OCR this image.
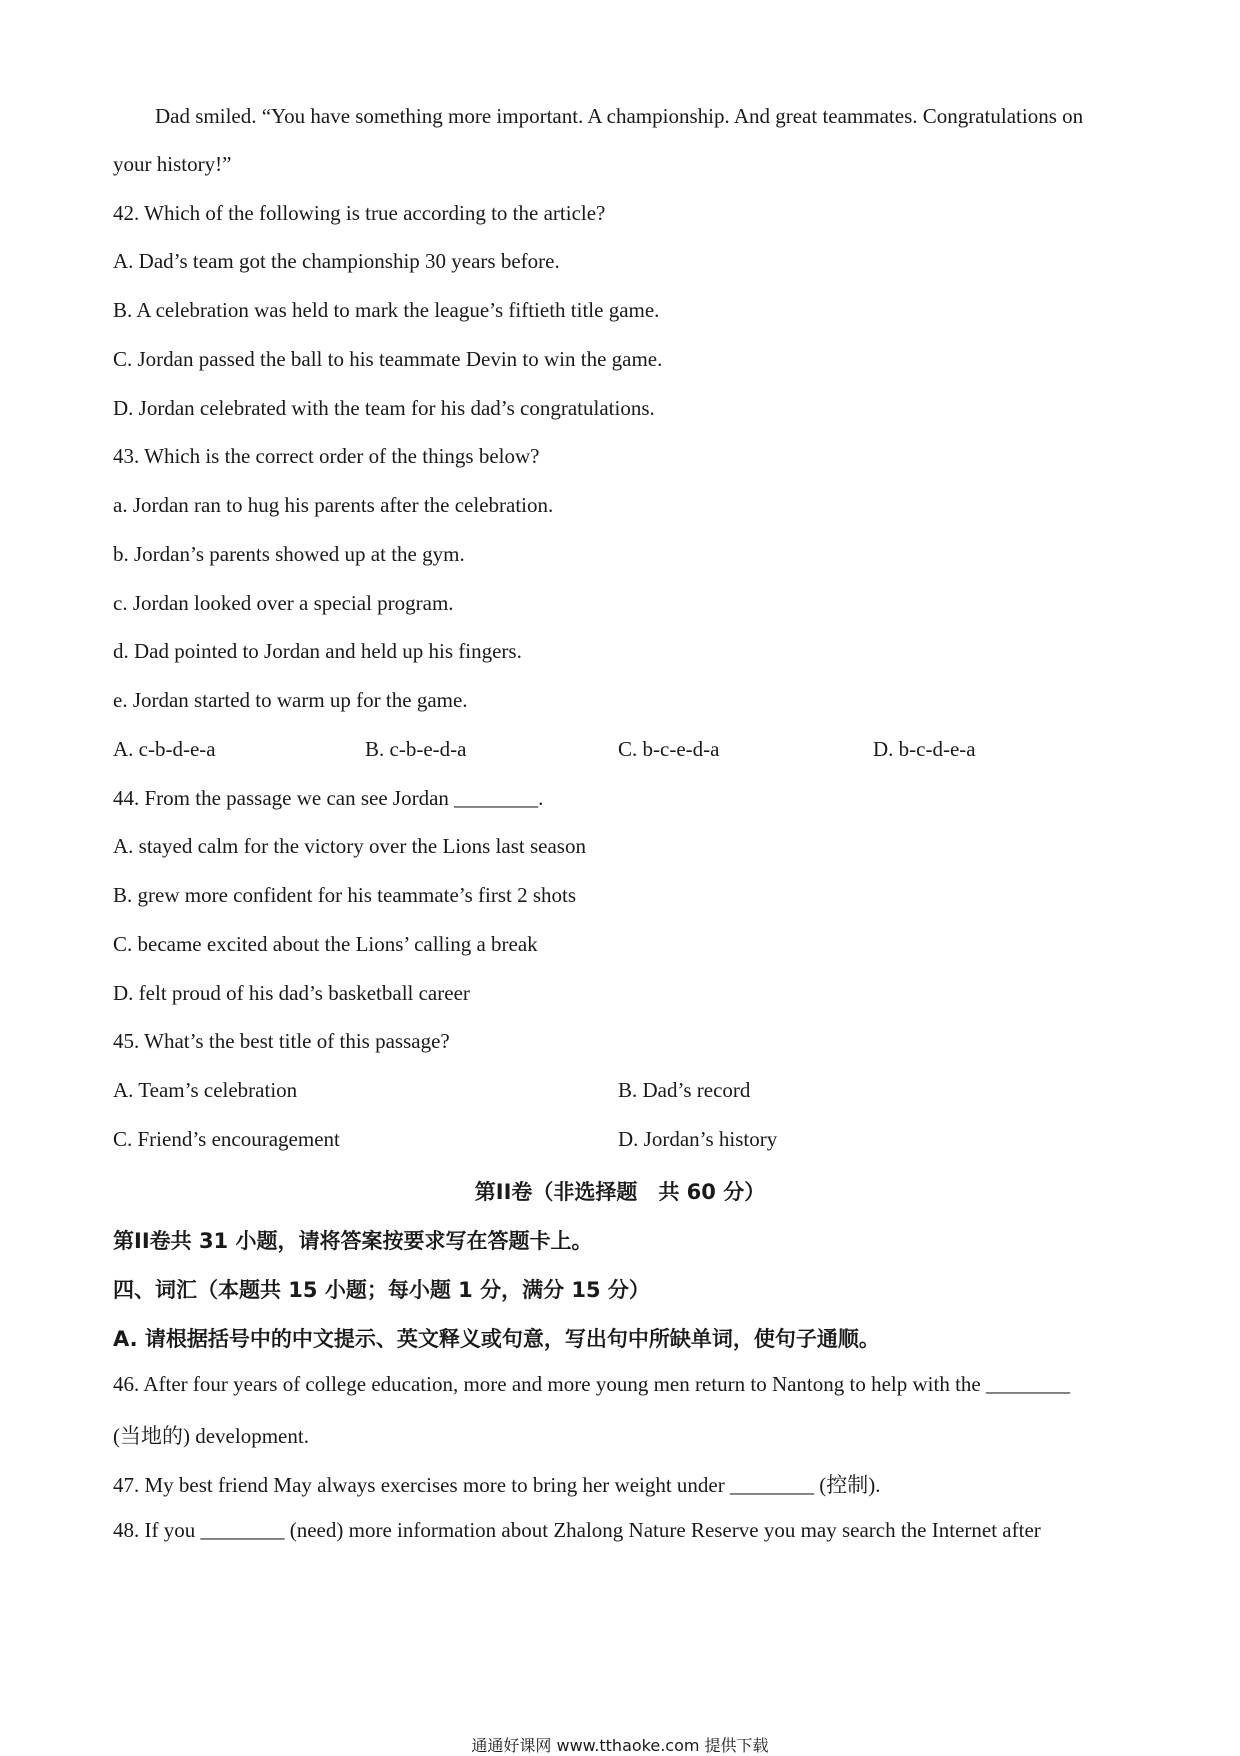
Dad smiled. “You have something more important. A championship. And great teammates. Congratulations on
your history!”
42. Which of the following is true according to the article?
A. Dad’s team got the championship 30 years before.
B. A celebration was held to mark the league’s fiftieth title game.
C. Jordan passed the ball to his teammate Devin to win the game.
D. Jordan celebrated with the team for his dad’s congratulations.
43. Which is the correct order of the things below?
a. Jordan ran to hug his parents after the celebration.
b. Jordan’s parents showed up at the gym.
c. Jordan looked over a special program.
d. Dad pointed to Jordan and held up his fingers.
e. Jordan started to warm up for the game.
A. c-b-d-e-a	B. c-b-e-d-a	C. b-c-e-d-a	D. b-c-d-e-a
44. From the passage we can see Jordan ________.
A. stayed calm for the victory over the Lions last season
B. grew more confident for his teammate’s first 2 shots
C. became excited about the Lions’ calling a break
D. felt proud of his dad’s basketball career
45. What’s the best title of this passage?
A. Team’s celebration	B. Dad’s record
C. Friend’s encouragement	D. Jordan’s history
第II卷（非选择题　共 60 分）
第II卷共 31 小题，请将答案按要求写在答题卡上。
四、词汇（本题共 15 小题；每小题 1 分，满分 15 分）
A. 请根据括号中的中文提示、英文释义或句意，写出句中所缺单词，使句子通顺。
46. After four years of college education, more and more young men return to Nantong to help with the ________
(当地的) development.
47. My best friend May always exercises more to bring her weight under ________ (控制).
48. If you ________ (need) more information about Zhalong Nature Reserve you may search the Internet after
通通好课网 www.tthaoke.com 提供下载
